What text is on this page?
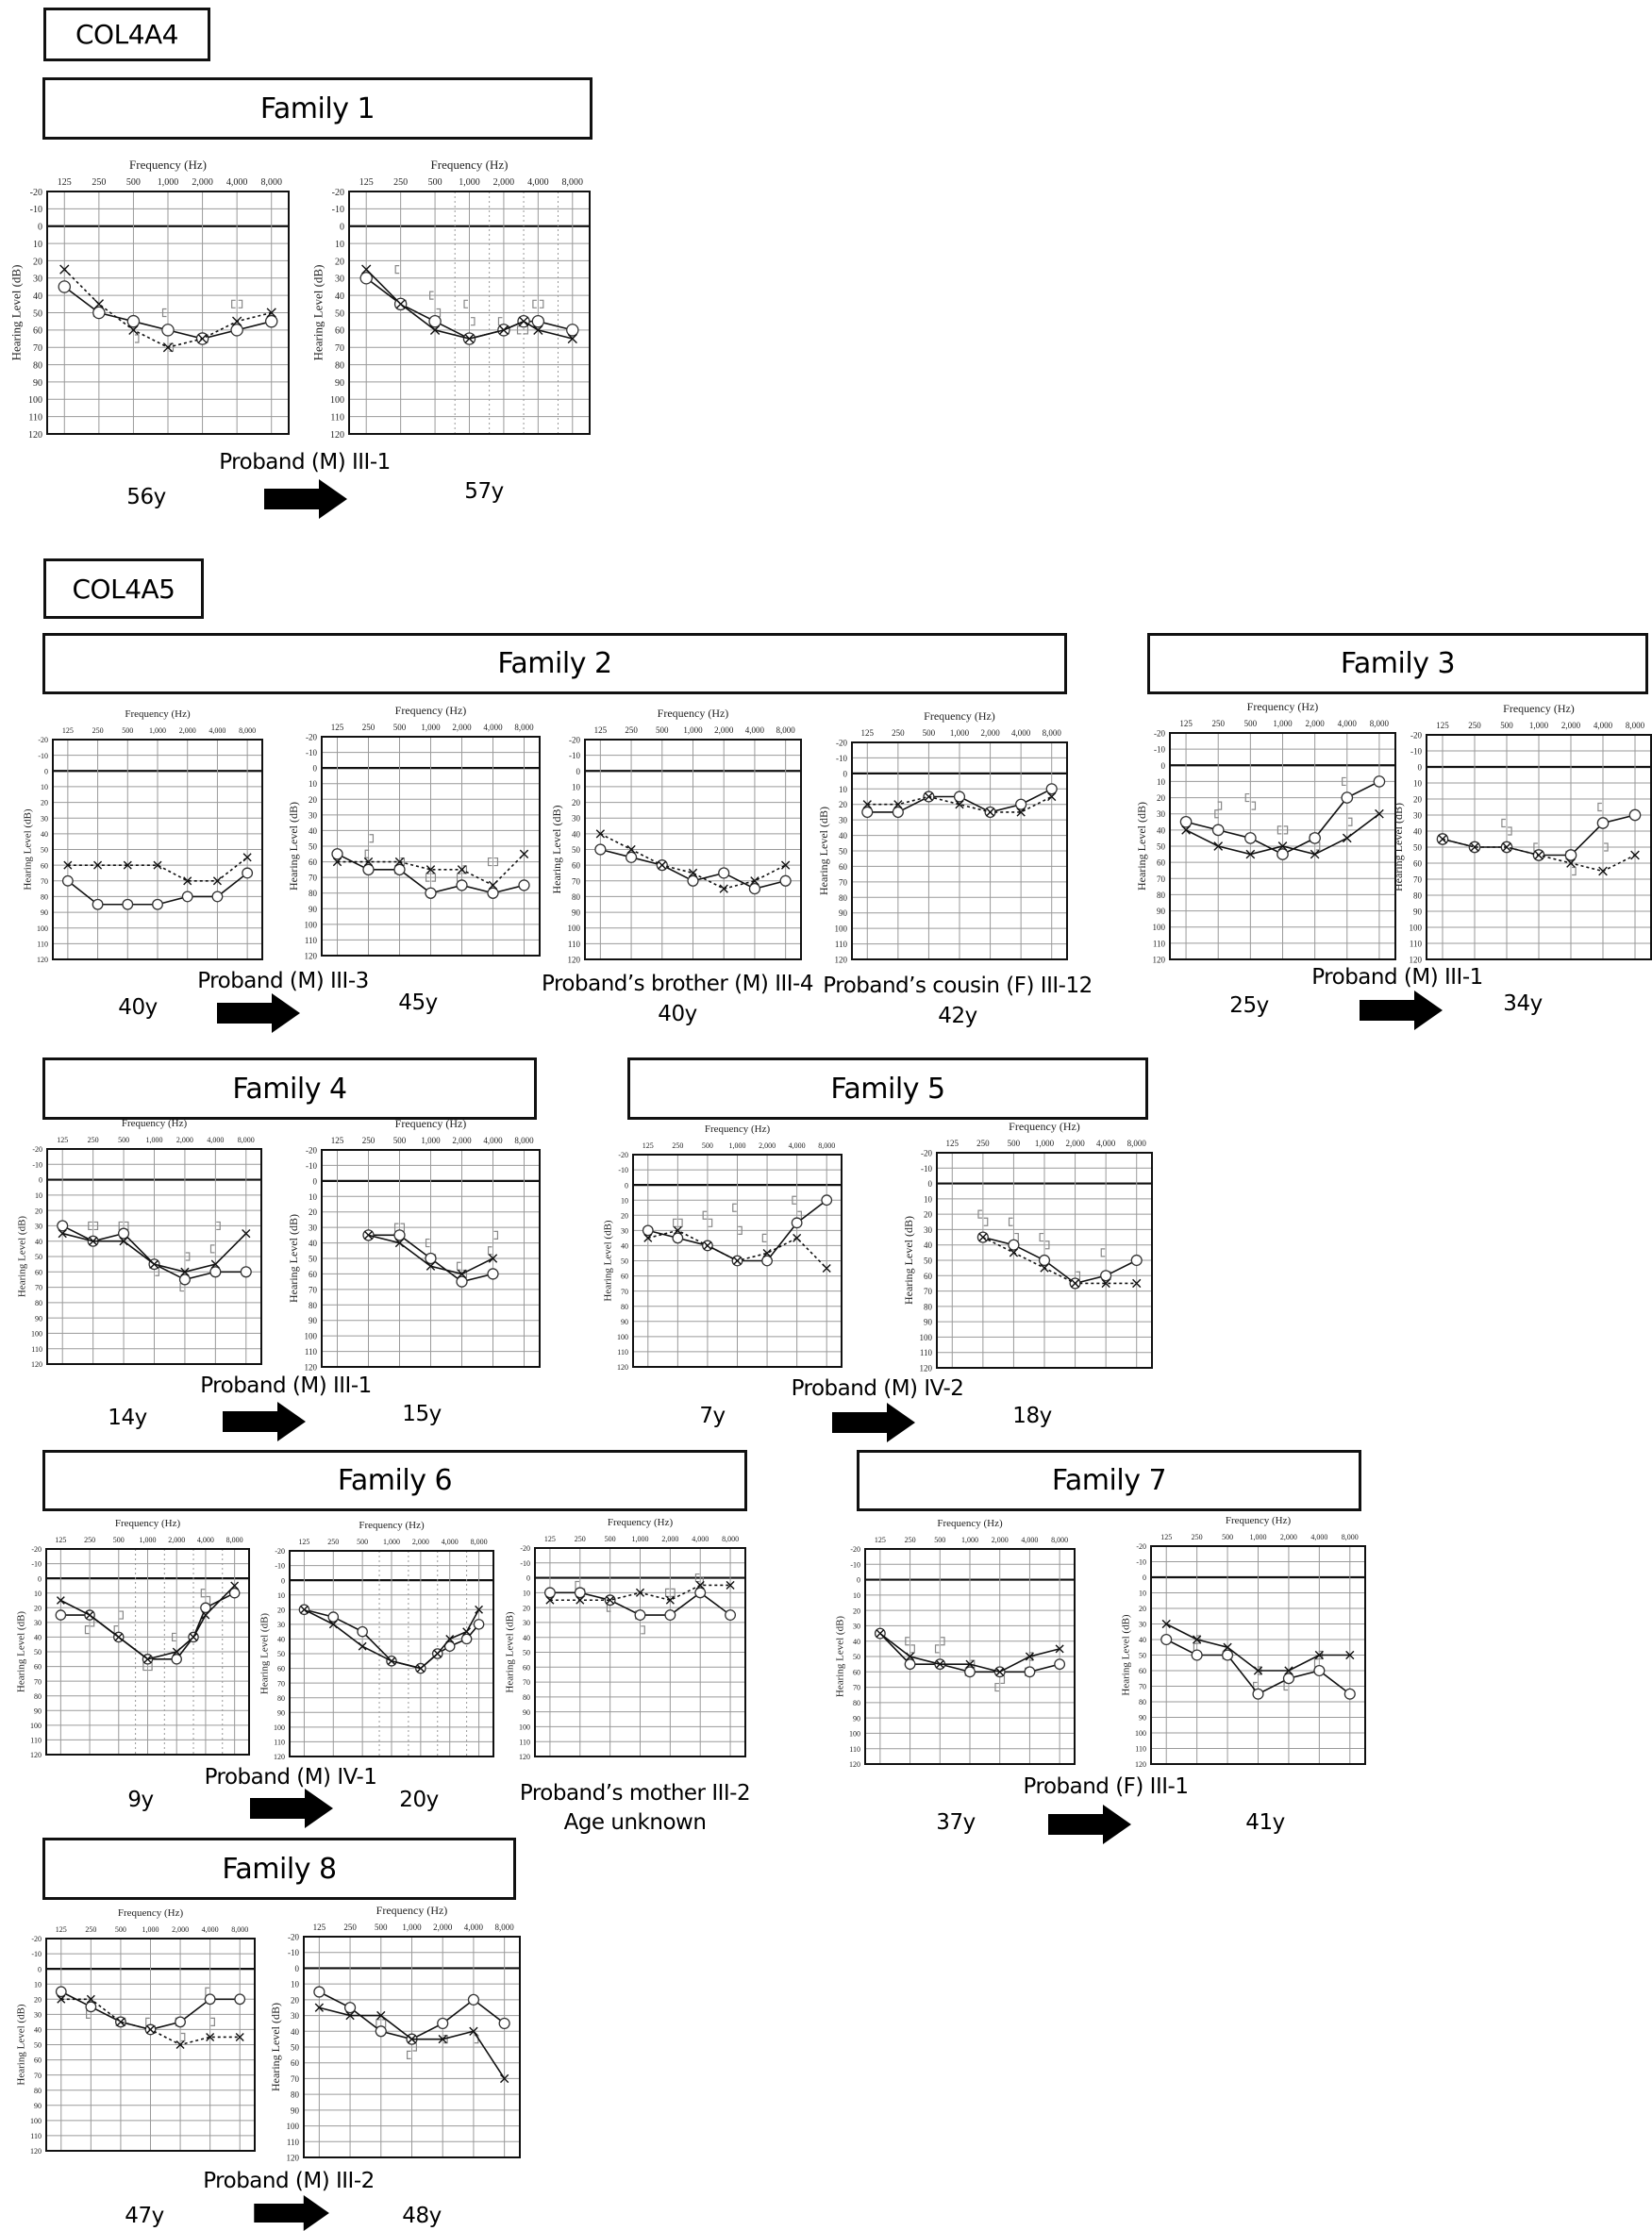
COL4A4
COL4A5
Family 1
Family 2	Family 3
Family 4	Family 5
Family 6	Family 7
Family 8
125 250 500 1,000 2,000 4,000 8,000
Frequency (Hz)
-20
-10
0
10
20
30
40
50
60
70
80
90
100
110
120
Hearing Level (dB)
125 250 500 1,000 2,000 4,000 8,000
Frequency (Hz)
-20
-10
0
10
20
30
40
50
60
70
80
90
100
110
120
Hearing Level (dB)
125 250 500 1,000 2,000 4,000 8,000
Frequency (Hz)
-20
-10
0
10
20
30
40
50
60
70
80
90
100
110
120
Hearing Level (dB)
125 250 500 1,000 2,000 4,000 8,000
Frequency (Hz)
-20
-10
0
10
20
30
40
50
60
70
80
90
100
110
120
Hearing Level (dB)
125 250 500 1,000 2,000 4,000 8,000
Frequency (Hz)
-20
-10
0
10
20
30
40
50
60
70
80
90
100
110
120
Hearing Level (dB)
125 250 500 1,000 2,000 4,000 8,000
Frequency (Hz)
-20
-10
0
10
20
30
40
50
60
70
80
90
100
110
120
Hearing Level (dB)
125 250 500 1,000 2,000 4,000 8,000
Frequency (Hz)
-20
-10
0
10
20
30
40
50
60
70
80
90
100
110
120
Hearing Level (dB)
125 250 500 1,000 2,000 4,000 8,000
Frequency (Hz)
-20
-10
0
10
20
30
40
50
60
70
80
90
100
110
120
Hearing Level (dB)
125	250	500 1,000 2,000 4,000 8,000
Frequency (Hz)
-20
-10
0
10
20
30
40
50
60
70
80
90
100
110
120
Hearing Level (dB)
125 250 500 1,000 2,000 4,000 8,000
Frequency (Hz)
-20
-10
0
10
20
30
40
50
60
70
80
90
100
110
120
Hearing Level (dB)
125 250 500 1,000 2,000 4,000 8,000
Frequency (Hz)
-20
-10
0
10
20
30
40
50
60
70
80
90
100
110
120
Hearing Level (dB)
125 250 500 1,000 2,000 4,000 8,000
Frequency (Hz)
-20
-10
0
10
20
30
40
50
60
70
80
90
100
110
120
Hearing Level (dB)
125 250 500 1,000 2,000 4,000 8,000
Frequency (Hz)
-20
-10
0
10
20
30
40
50
60
70
80
90
100
110
120
Hearing Level (dB)
125 250 500 1,000 2,000 4,000 8,000
Frequency (Hz)
-20
-10
0
10
20
30
40
50
60
70
80
90
100
110
120
Hearing Level (dB)
125 250 500 1,000 2,000 4,000 8,000
Frequency (Hz)
-20
-10
0
10
20
30
40
50
60
70
80
90
100
110
120
Hearing Level (dB)
125 250 500 1,000 2,000 4,000 8,000
Frequency (Hz)
-20
-10
0
10
20
30
40
50
60
70
80
90
100
110
120
Hearing Level (dB)
125	250	500 1,000 2,000 4,000 8,000
Frequency (Hz)
-20
-10
0
10
20
30
40
50
60
70
80
90
100
110
120
Hearing Level (dB)
125 250 500 1,000 2,000 4,000 8,000
Frequency (Hz)
-20
-10
0
10
20
30
40
50
60
70
80
90
100
110
120
Hearing Level (dB)
125 250 500 1,000 2,000 4,000 8,000
Frequency (Hz)
-20
-10
0
10
20
30
40
50
60
70
80
90
100
110
120
Hearing Level (dB)
Proband (M) III-1
56y	57y
Proband (M) III-3
40y	45y
Proband’s brother (M) III-4
40y
Proband’s cousin (F) III-12
42y
Proband (M) III-1
25y	34y
Proband (M) III-1
14y	15y
Proband (M) IV-2
7y	18y
Proband (M) IV-1
9y	20y	Proband’s mother III-2
Age unknown
Proband (F) III-1
37y	41y
Proband (M) III-2
47y	48y
